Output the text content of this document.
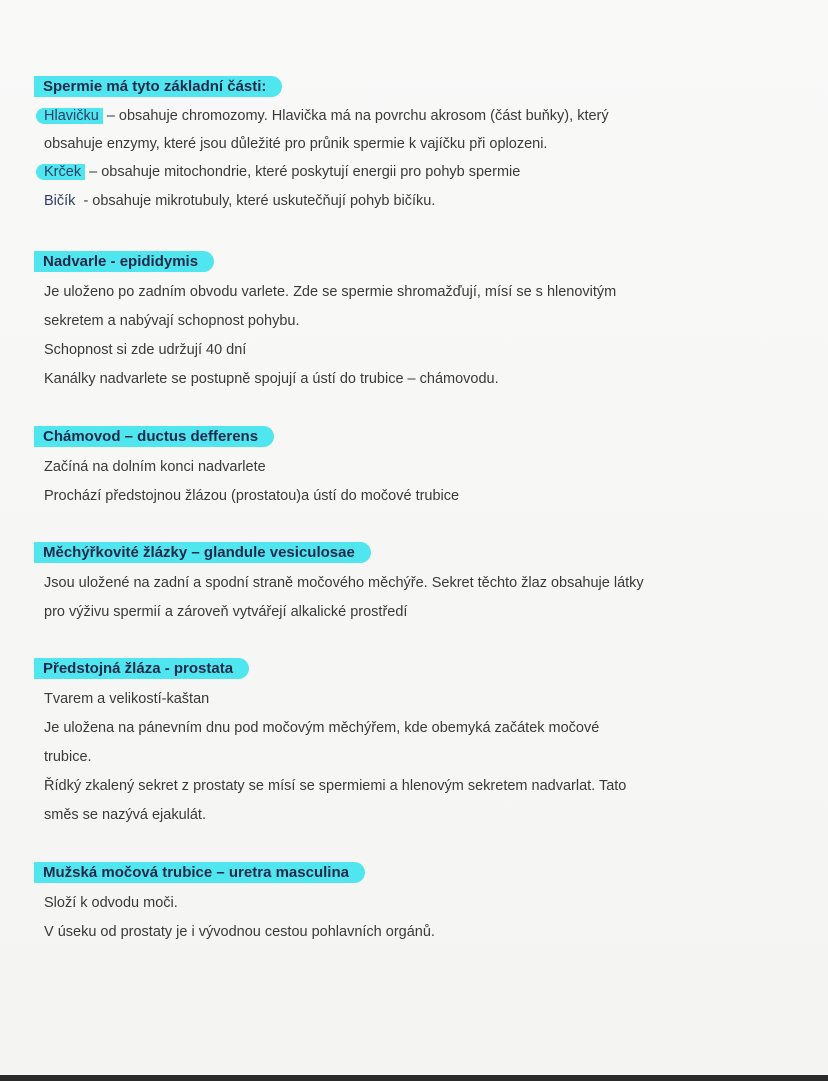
Spermie má tyto základní části:
Hlavičku – obsahuje chromozomy. Hlavička má na povrchu akrosom (část buňky), který
obsahuje enzymy, které jsou důležité pro průnik spermie k vajíčku při oplozeni.
Krček – obsahuje mitochondrie, které poskytují energii pro pohyb spermie
Bičík - obsahuje mikrotubuly, které uskutečňují pohyb bičíku.
Nadvarle - epididymis
Je uloženo po zadním obvodu varlete. Zde se spermie shromažďují, mísí se s hlenovitým
sekretem a nabývají schopnost pohybu.
Schopnost si zde udržují 40 dní
Kanálky nadvarlete se postupně spojují a ústí do trubice – chámovodu.
Chámovod – ductus defferens
Začíná na dolním konci nadvarlete
Prochází předstojnou žlázou (prostatou)a ústí do močové trubice
Měchýřkovité žlázky – glandule vesiculosae
Jsou uložené na zadní a spodní straně močového měchýře. Sekret těchto žlaz obsahuje látky
pro výživu spermií a zároveň vytvářejí alkalické prostředí
Předstojná žláza - prostata
Tvarem a velikostí-kaštan
Je uložena na pánevním dnu pod močovým měchýřem, kde obemyká začátek močové
trubice.
Řídký zkalený sekret z prostaty se mísí se spermiemi a hlenovým sekretem nadvarlat. Tato
směs se nazývá ejakulát.
Mužská močová trubice – uretra masculina
Složí k odvodu moči.
V úseku od prostaty je i vývodnou cestou pohlavních orgánů.
